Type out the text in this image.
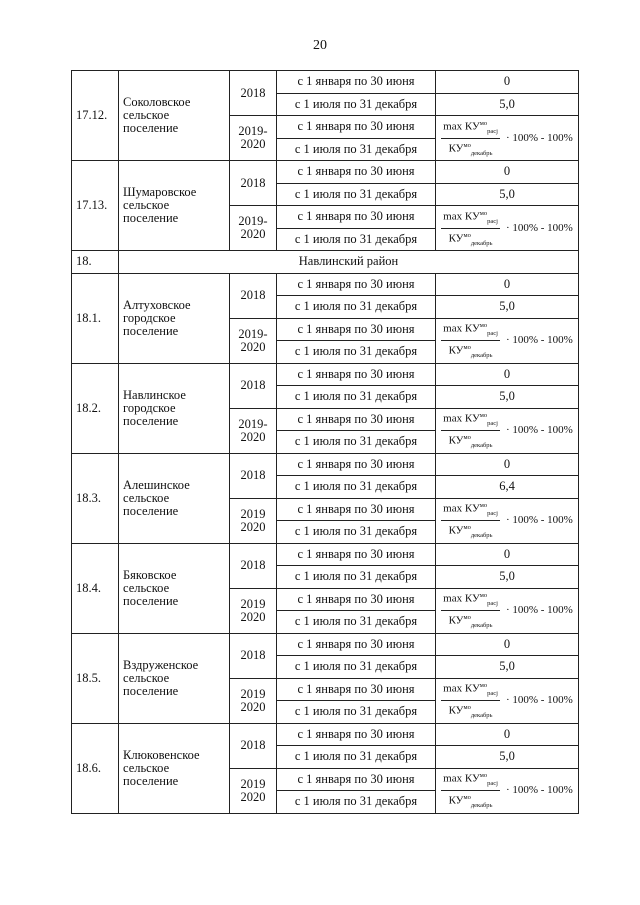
20
17.12.	Соколовское сельское поселение	2018	с 1 января по 30 июня	0
			с 1 июля по 31 декабря	5,0
		2019-2020	с 1 января по 30 июня	$\frac{\max КУ^{мо}_{расj}}{КУ^{мо}_{декабрь}} \cdot 100\% - 100\%$

			с 1 июля по 31 декабря	
17.13.	Шумаровское сельское поселение	2018	с 1 января по 30 июня	0
			с 1 июля по 31 декабря	5,0
		2019-2020	с 1 января по 30 июня	$\frac{\max КУ^{мо}_{расj}}{КУ^{мо}_{декабрь}} \cdot 100\% - 100\%$

			с 1 июля по 31 декабря	
18.	Навлинский район			
18.1.	Алтуховское городское поселение	2018	с 1 января по 30 июня	0
			с 1 июля по 31 декабря	5,0
		2019-2020	с 1 января по 30 июня	$\frac{\max КУ^{мо}_{расj}}{КУ^{мо}_{декабрь}} \cdot 100\% - 100\%$

			с 1 июля по 31 декабря	
18.2.	Навлинское городское поселение	2018	с 1 января по 30 июня	0
			с 1 июля по 31 декабря	5,0
		2019-2020	с 1 января по 30 июня	$\frac{\max КУ^{мо}_{расj}}{КУ^{мо}_{декабрь}} \cdot 100\% - 100\%$

			с 1 июля по 31 декабря	
18.3.	Алешинское сельское поселение	2018	с 1 января по 30 июня	0
			с 1 июля по 31 декабря	6,4
		2019 2020	с 1 января по 30 июня	$\frac{\max КУ^{мо}_{расj}}{КУ^{мо}_{декабрь}} \cdot 100\% - 100\%$

			с 1 июля по 31 декабря	
18.4.	Бяковское сельское поселение	2018	с 1 января по 30 июня	0
			с 1 июля по 31 декабря	5,0
		2019 2020	с 1 января по 30 июня	$\frac{\max КУ^{мо}_{расj}}{КУ^{мо}_{декабрь}} \cdot 100\% - 100\%$

			с 1 июля по 31 декабря	
18.5.	Вздруженское сельское поселение	2018	с 1 января по 30 июня	0
			с 1 июля по 31 декабря	5,0
		2019 2020	с 1 января по 30 июня	$\frac{\max КУ^{мо}_{расj}}{КУ^{мо}_{декабрь}} \cdot 100\% - 100\%$

			с 1 июля по 31 декабря	
18.6.	Клюковенское сельское поселение	2018	с 1 января по 30 июня	0
			с 1 июля по 31 декабря	5,0
		2019 2020	с 1 января по 30 июня	$\frac{\max КУ^{мо}_{расj}}{КУ^{мо}_{декабрь}} \cdot 100\% - 100\%$

			с 1 июля по 31 декабря	
